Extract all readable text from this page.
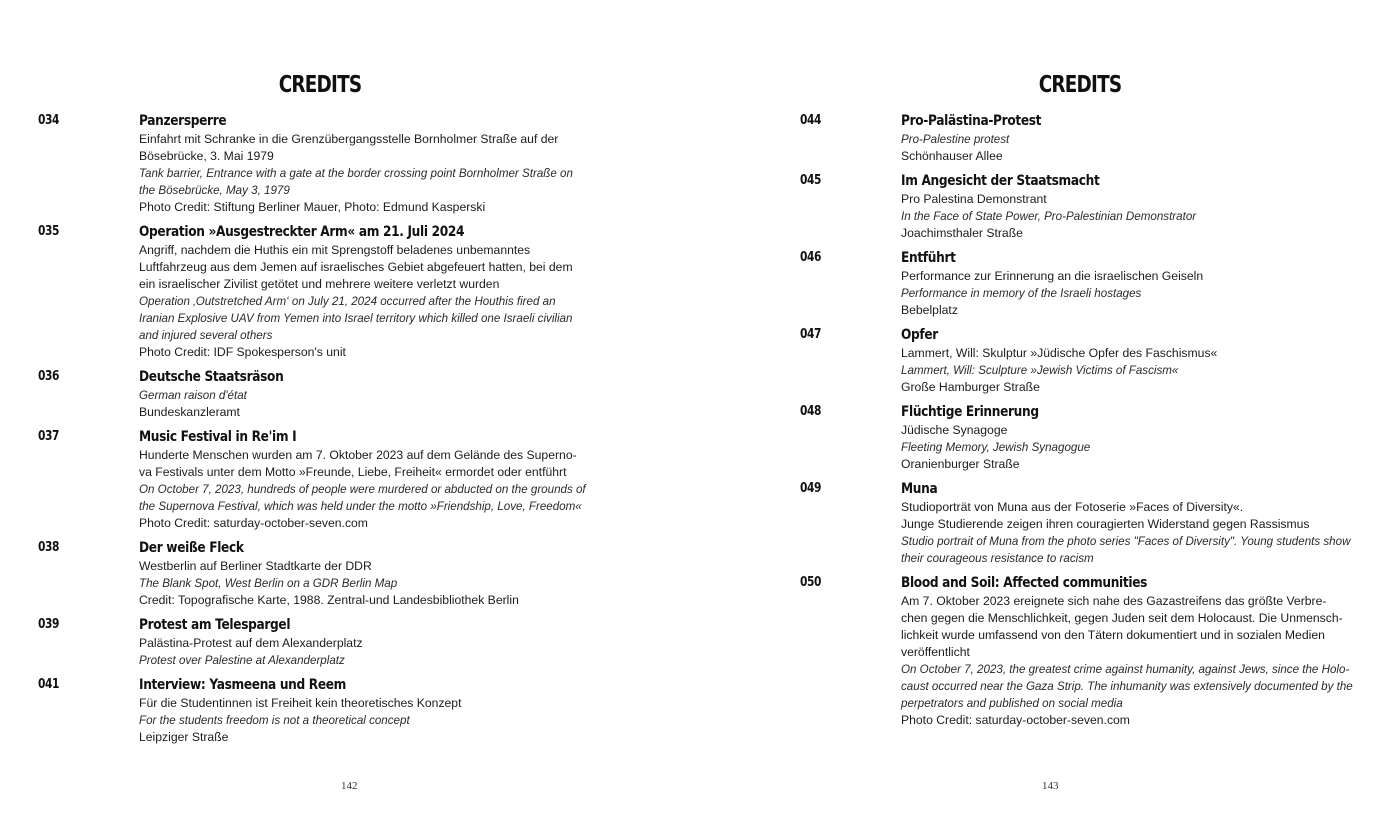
CREDITS
034	Panzersperre
Einfahrt mit Schranke in die Grenzübergangsstelle Bornholmer Straße auf der
Bösebrücke, 3. Mai 1979
Tank barrier, Entrance with a gate at the border crossing point Bornholmer Straße on
the Bösebrücke, May 3, 1979
Photo Credit: Stiftung Berliner Mauer, Photo: Edmund Kasperski
035	Operation »Ausgestreckter Arm« am 21. Juli 2024
Angriff, nachdem die Huthis ein mit Sprengstoff beladenes unbemanntes
Luftfahrzeug aus dem Jemen auf israelisches Gebiet abgefeuert hatten, bei dem
ein israelischer Zivilist getötet und mehrere weitere verletzt wurden
Operation ‚Outstretched Arm‘ on July 21, 2024 occurred after the Houthis fired an
Iranian Explosive UAV from Yemen into Israel territory which killed one Israeli civilian
and injured several others
Photo Credit: IDF Spokesperson's unit
036	Deutsche Staatsräson
German raison d'état
Bundeskanzleramt
037	Music Festival in Re'im I
Hunderte Menschen wurden am 7. Oktober 2023 auf dem Gelände des Superno-
va Festivals unter dem Motto »Freunde, Liebe, Freiheit« ermordet oder entführt
On October 7, 2023, hundreds of people were murdered or abducted on the grounds of
the Supernova Festival, which was held under the motto »Friendship, Love, Freedom«
Photo Credit: saturday-october-seven.com
038	Der weiße Fleck
Westberlin auf Berliner Stadtkarte der DDR
The Blank Spot, West Berlin on a GDR Berlin Map
Credit: Topografische Karte, 1988. Zentral-und Landesbibliothek Berlin
039	Protest am Telespargel
Palästina-Protest auf dem Alexanderplatz
Protest over Palestine at Alexanderplatz
041	Interview: Yasmeena und Reem
Für die Studentinnen ist Freiheit kein theoretisches Konzept
For the students freedom is not a theoretical concept
Leipziger Straße
142
CREDITS
044	Pro-Palästina-Protest
Pro-Palestine protest
Schönhauser Allee
045	Im Angesicht der Staatsmacht
Pro Palestina Demonstrant
In the Face of State Power, Pro-Palestinian Demonstrator
Joachimsthaler Straße
046	Entführt
Performance zur Erinnerung an die israelischen Geiseln
Performance in memory of the Israeli hostages
Bebelplatz
047	Opfer
Lammert, Will: Skulptur »Jüdische Opfer des Faschismus«
Lammert, Will: Sculpture »Jewish Victims of Fascism«
Große Hamburger Straße
048	Flüchtige Erinnerung
Jüdische Synagoge
Fleeting Memory, Jewish Synagogue
Oranienburger Straße
049	Muna
Studioporträt von Muna aus der Fotoserie »Faces of Diversity«.
Junge Studierende zeigen ihren couragierten Widerstand gegen Rassismus
Studio portrait of Muna from the photo series "Faces of Diversity". Young students show
their courageous resistance to racism
050	Blood and Soil: Affected communities
Am 7. Oktober 2023 ereignete sich nahe des Gazastreifens das größte Verbre-
chen gegen die Menschlichkeit, gegen Juden seit dem Holocaust. Die Unmensch-
lichkeit wurde umfassend von den Tätern dokumentiert und in sozialen Medien
veröffentlicht
On October 7, 2023, the greatest crime against humanity, against Jews, since the Holo-
caust occurred near the Gaza Strip. The inhumanity was extensively documented by the
perpetrators and published on social media
Photo Credit: saturday-october-seven.com
143
